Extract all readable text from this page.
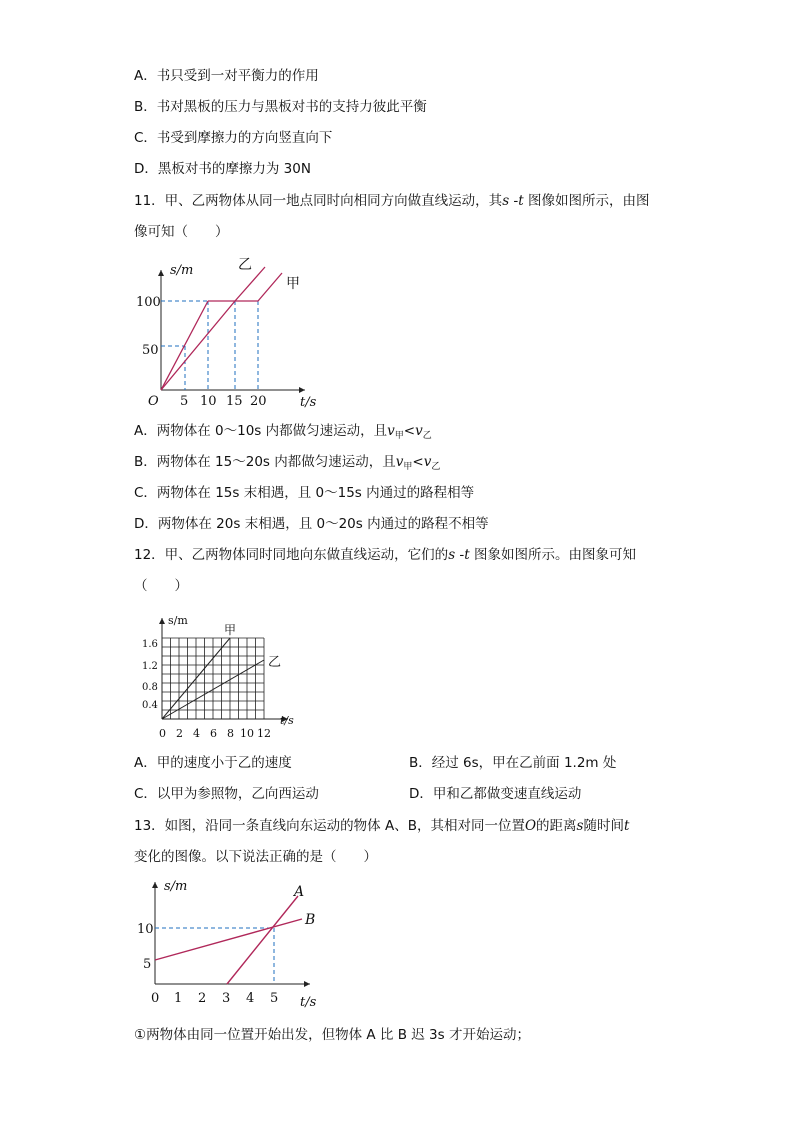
A．书只受到一对平衡力的作用
B．书对黑板的压力与黑板对书的支持力彼此平衡
C．书受到摩擦力的方向竖直向下
D．黑板对书的摩擦力为 30N
11．甲、乙两物体从同一地点同时向相同方向做直线运动，其s -t 图像如图所示，由图
像可知（　　）
s/m
t/s
O
50
100
5 10 15 20
乙
甲
A．两物体在 0～10s 内都做匀速运动，且$v_甲<v_乙$
B．两物体在 15～20s 内都做匀速运动，且$v_甲<v_乙$
C．两物体在 15s 末相遇，且 0～15s 内通过的路程相等
D．两物体在 20s 末相遇，且 0～20s 内通过的路程不相等
12．甲、乙两物体同时同地向东做直线运动，它们的s -t 图象如图所示。由图象可知
（　　）
s/m
t/s
0.4
0.8
1.2
1.6
0 2 4 6 8 10 12
甲
乙
A．甲的速度小于乙的速度	B．经过 6s，甲在乙前面 1.2m 处
C．以甲为参照物，乙向西运动	D．甲和乙都做变速直线运动
13．如图，沿同一条直线向东运动的物体 A、B，其相对同一位置O的距离s随时间t
变化的图像。以下说法正确的是（　　）
s/m
t/s
5
10
0 1 2 3 4 5
A
B
①两物体由同一位置开始出发，但物体 A 比 B 迟 3s 才开始运动；
